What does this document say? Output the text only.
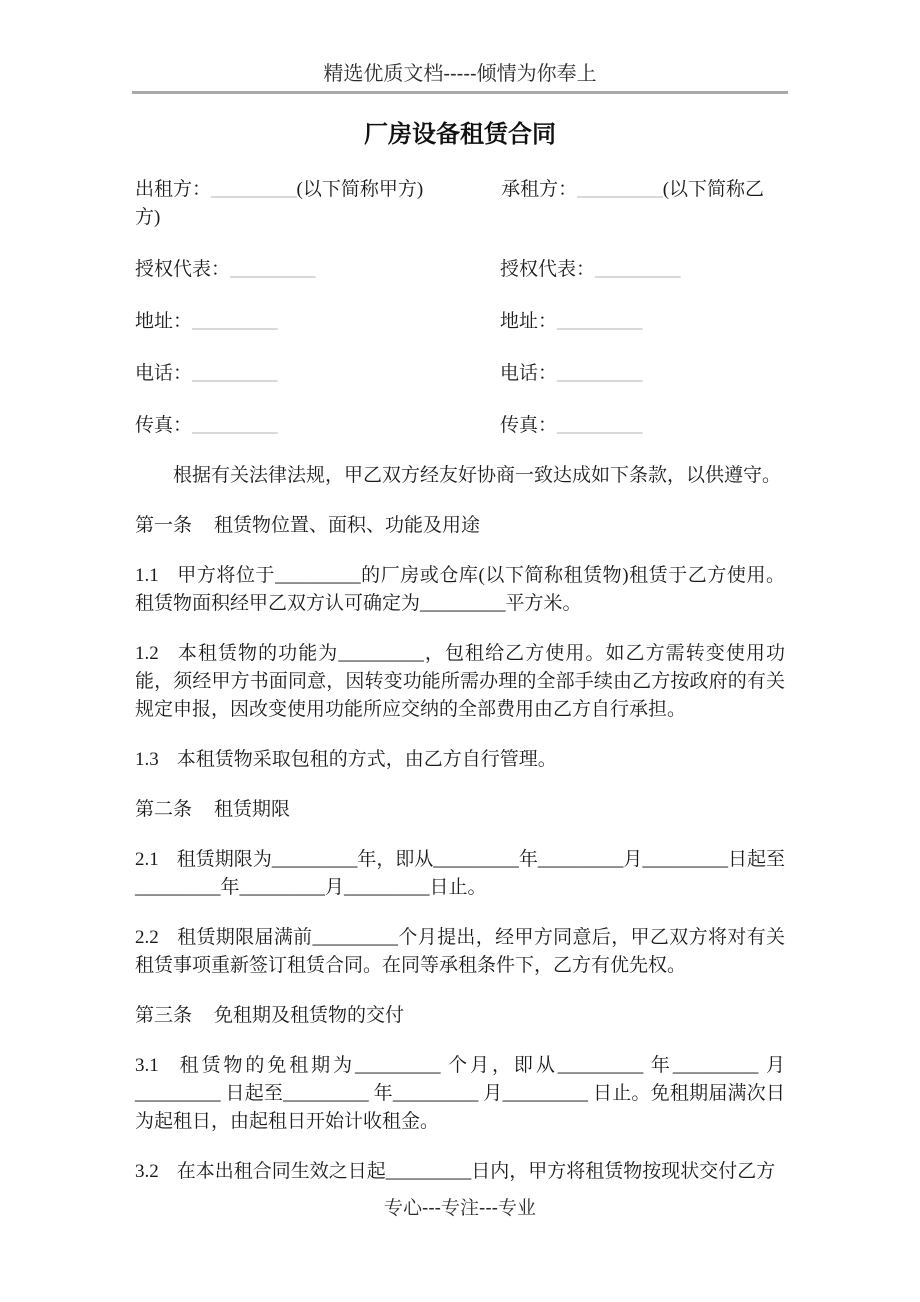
精选优质文档-----倾情为你奉上
厂房设备租赁合同
出租方：_________(以下简称甲方)	承租方：_________(以下简称乙
方)
授权代表：_________	授权代表：_________
地址：_________	地址：_________
电话：_________	电话：_________
传真：_________	传真：_________

根据有关法律法规，甲乙双方经友好协商一致达成如下条款，以供遵守。

第一条 租赁物位置、面积、功能及用途

1.1 甲方将位于_________的厂房或仓库(以下简称租赁物)租赁于乙方使用。租赁物面积经甲乙双方认可确定为_________平方米。

1.2 本租赁物的功能为_________，包租给乙方使用。如乙方需转变使用功能，须经甲方书面同意，因转变功能所需办理的全部手续由乙方按政府的有关规定申报，因改变使用功能所应交纳的全部费用由乙方自行承担。

1.3 本租赁物采取包租的方式，由乙方自行管理。

第二条 租赁期限

2.1 租赁期限为_________年，即从_________年_________月_________日起至_________年_________月_________日止。

2.2 租赁期限届满前_________个月提出，经甲方同意后，甲乙双方将对有关租赁事项重新签订租赁合同。在同等承租条件下，乙方有优先权。

第三条 免租期及租赁物的交付

3.1 租赁物的免租期为_________ 个月，即从_________ 年_________ 月_________ 日起至_________ 年_________ 月_________ 日止。免租期届满次日为起租日，由起租日开始计收租金。

3.2 在本出租合同生效之日起_________日内，甲方将租赁物按现状交付乙方

专心---专注---专业
